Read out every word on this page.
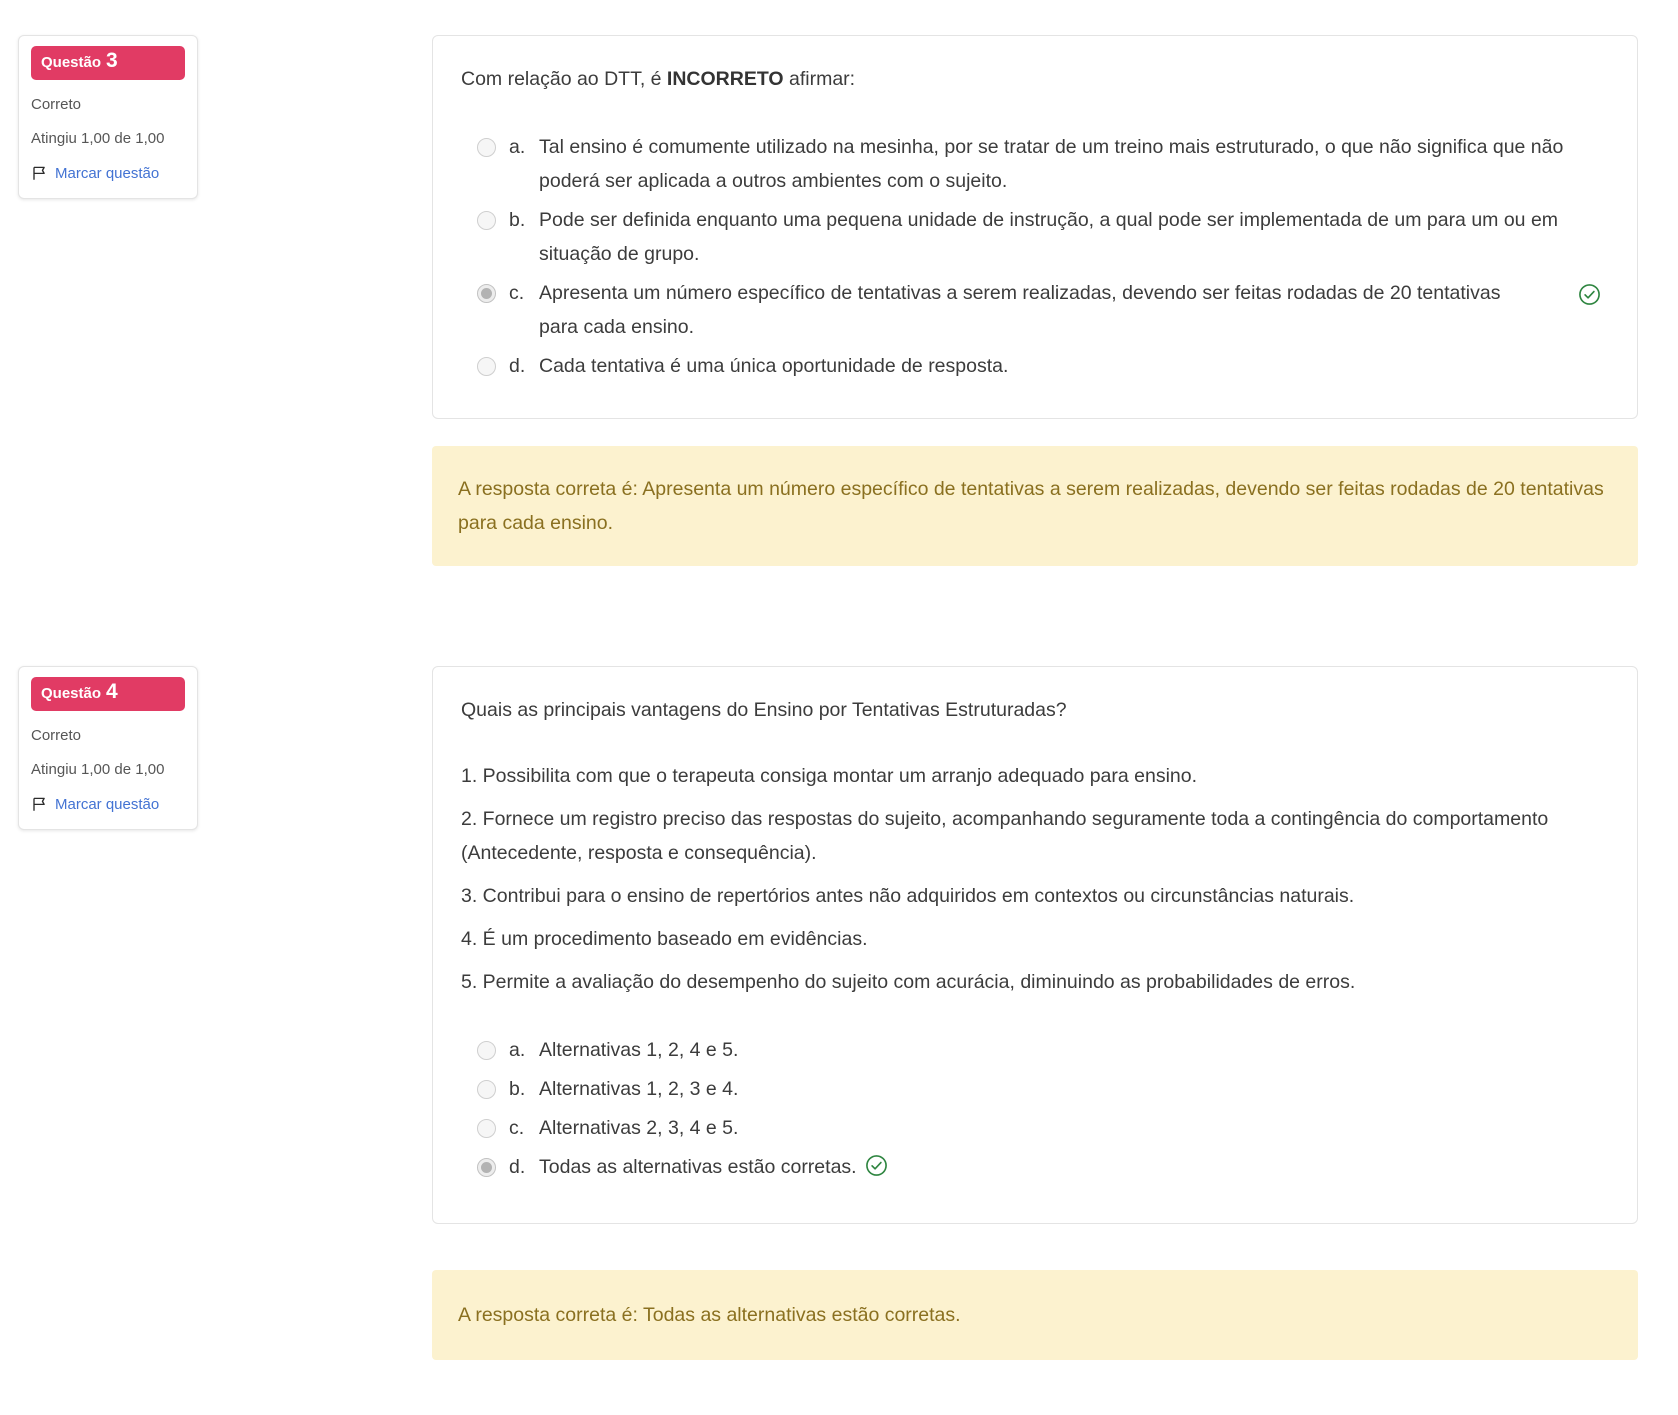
Questão 3
Correto
Atingiu 1,00 de 1,00
Marcar questão
Com relação ao DTT, é INCORRETO afirmar:
a. Tal ensino é comumente utilizado na mesinha, por se tratar de um treino mais estruturado, o que não significa que não poderá ser aplicada a outros ambientes com o sujeito.
b. Pode ser definida enquanto uma pequena unidade de instrução, a qual pode ser implementada de um para um ou em situação de grupo.
c. Apresenta um número específico de tentativas a serem realizadas, devendo ser feitas rodadas de 20 tentativas para cada ensino.
d. Cada tentativa é uma única oportunidade de resposta.
A resposta correta é: Apresenta um número específico de tentativas a serem realizadas, devendo ser feitas rodadas de 20 tentativas para cada ensino.
Questão 4
Correto
Atingiu 1,00 de 1,00
Marcar questão
Quais as principais vantagens do Ensino por Tentativas Estruturadas?

1. Possibilita com que o terapeuta consiga montar um arranjo adequado para ensino.

2. Fornece um registro preciso das respostas do sujeito, acompanhando seguramente toda a contingência do comportamento (Antecedente, resposta e consequência).

3. Contribui para o ensino de repertórios antes não adquiridos em contextos ou circunstâncias naturais.

4. É um procedimento baseado em evidências.

5. Permite a avaliação do desempenho do sujeito com acurácia, diminuindo as probabilidades de erros.

a. Alternativas 1, 2, 4 e 5.
b. Alternativas 1, 2, 3 e 4.
c. Alternativas 2, 3, 4 e 5.
d. Todas as alternativas estão corretas.
A resposta correta é: Todas as alternativas estão corretas.
